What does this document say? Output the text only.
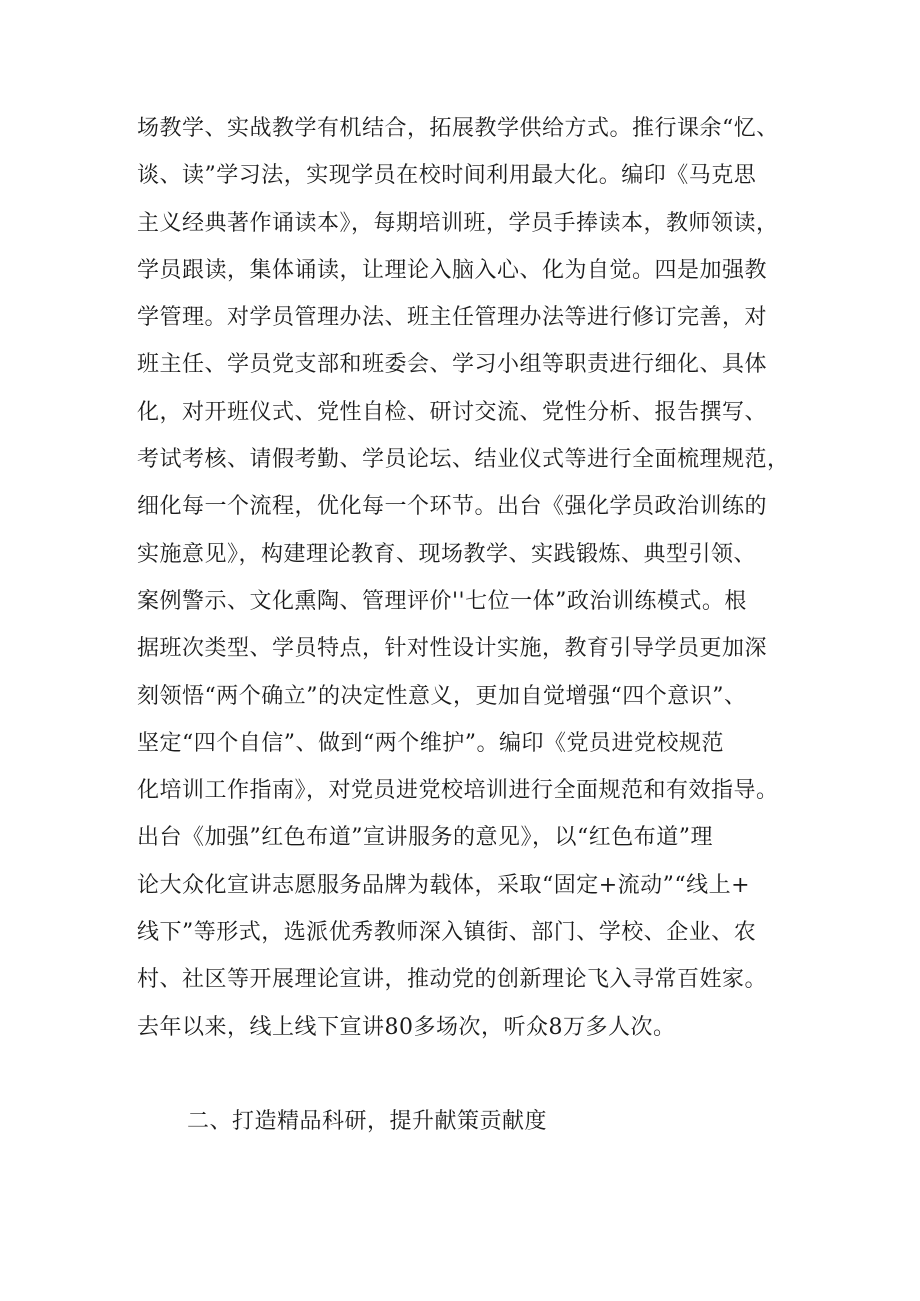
场教学、实战教学有机结合，拓展教学供给方式。推行课余“忆、
谈、读”学习法，实现学员在校时间利用最大化。编印《马克思
主义经典著作诵读本》，每期培训班，学员手捧读本，教师领读，
学员跟读，集体诵读，让理论入脑入心、化为自觉。四是加强教
学管理。对学员管理办法、班主任管理办法等进行修订完善，对
班主任、学员党支部和班委会、学习小组等职责进行细化、具体
化，对开班仪式、党性自检、研讨交流、党性分析、报告撰写、
考试考核、请假考勤、学员论坛、结业仪式等进行全面梳理规范，
细化每一个流程，优化每一个环节。出台《强化学员政治训练的
实施意见》，构建理论教育、现场教学、实践锻炼、典型引领、
案例警示、文化熏陶、管理评价''七位一体”政治训练模式。根
据班次类型、学员特点，针对性设计实施，教育引导学员更加深
刻领悟“两个确立”的决定性意义，更加自觉增强“四个意识”、
坚定“四个自信”、做到“两个维护”。编印《党员进党校规范
化培训工作指南》，对党员进党校培训进行全面规范和有效指导。
出台《加强”红色布道”宣讲服务的意见》，以“红色布道”理
论大众化宣讲志愿服务品牌为载体，采取“固定+流动”“线上+
线下”等形式，选派优秀教师深入镇街、部门、学校、企业、农
村、社区等开展理论宣讲，推动党的创新理论飞入寻常百姓家。
去年以来，线上线下宣讲80多场次，听众8万多人次。
二、打造精品科研，提升献策贡献度
